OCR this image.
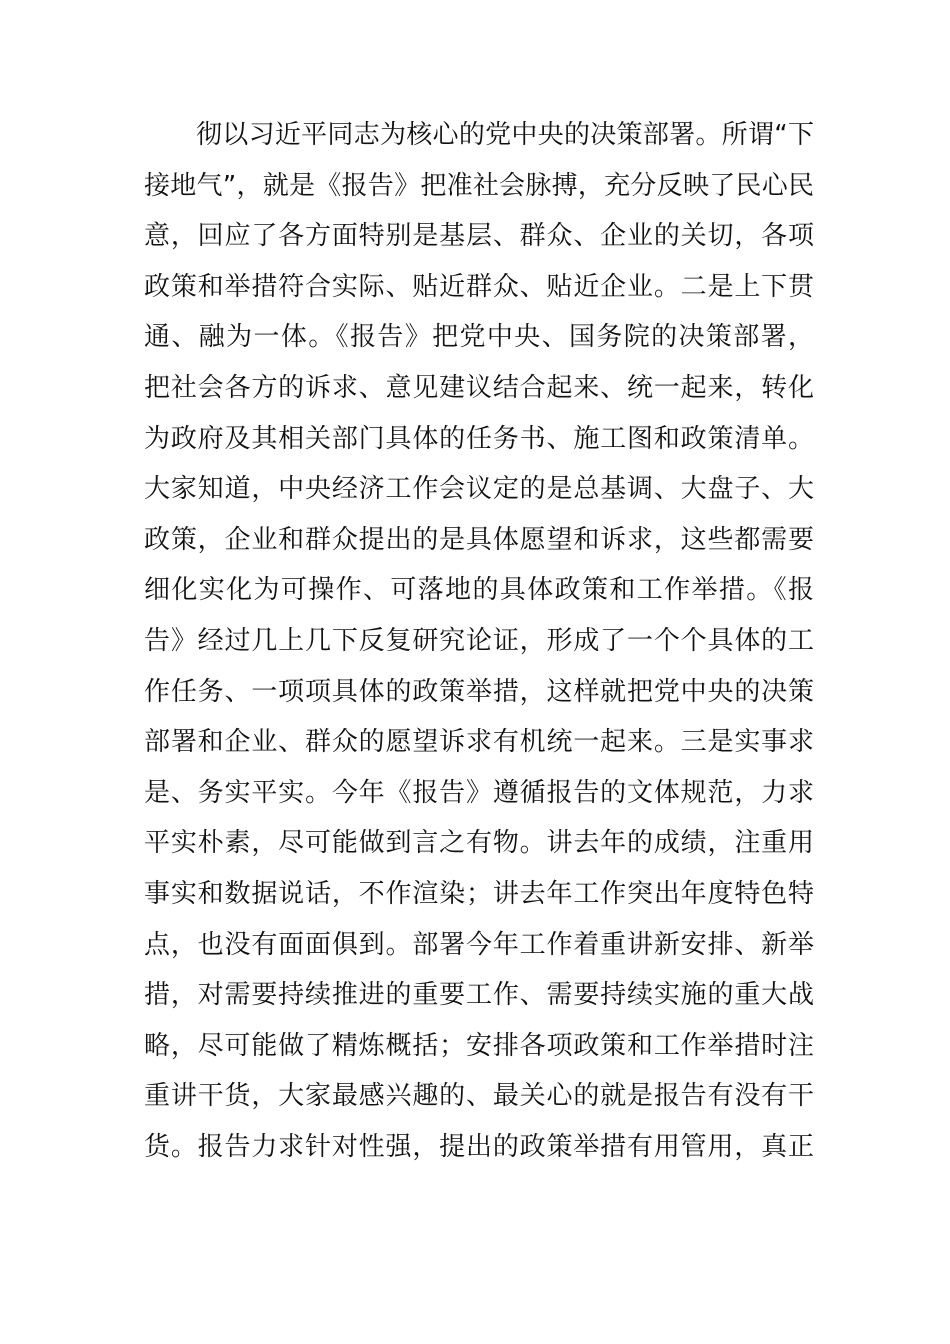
彻以习近平同志为核心的党中央的决策部署。所谓“下
接地气”，就是《报告》把准社会脉搏，充分反映了民心民
意，回应了各方面特别是基层、群众、企业的关切，各项
政策和举措符合实际、贴近群众、贴近企业。二是上下贯
通、融为一体。《报告》把党中央、国务院的决策部署，
把社会各方的诉求、意见建议结合起来、统一起来，转化
为政府及其相关部门具体的任务书、施工图和政策清单。
大家知道，中央经济工作会议定的是总基调、大盘子、大
政策，企业和群众提出的是具体愿望和诉求，这些都需要
细化实化为可操作、可落地的具体政策和工作举措。《报
告》经过几上几下反复研究论证，形成了一个个具体的工
作任务、一项项具体的政策举措，这样就把党中央的决策
部署和企业、群众的愿望诉求有机统一起来。三是实事求
是、务实平实。今年《报告》遵循报告的文体规范，力求
平实朴素，尽可能做到言之有物。讲去年的成绩，注重用
事实和数据说话，不作渲染；讲去年工作突出年度特色特
点，也没有面面俱到。部署今年工作着重讲新安排、新举
措，对需要持续推进的重要工作、需要持续实施的重大战
略，尽可能做了精炼概括；安排各项政策和工作举措时注
重讲干货，大家最感兴趣的、最关心的就是报告有没有干
货。报告力求针对性强，提出的政策举措有用管用，真正
